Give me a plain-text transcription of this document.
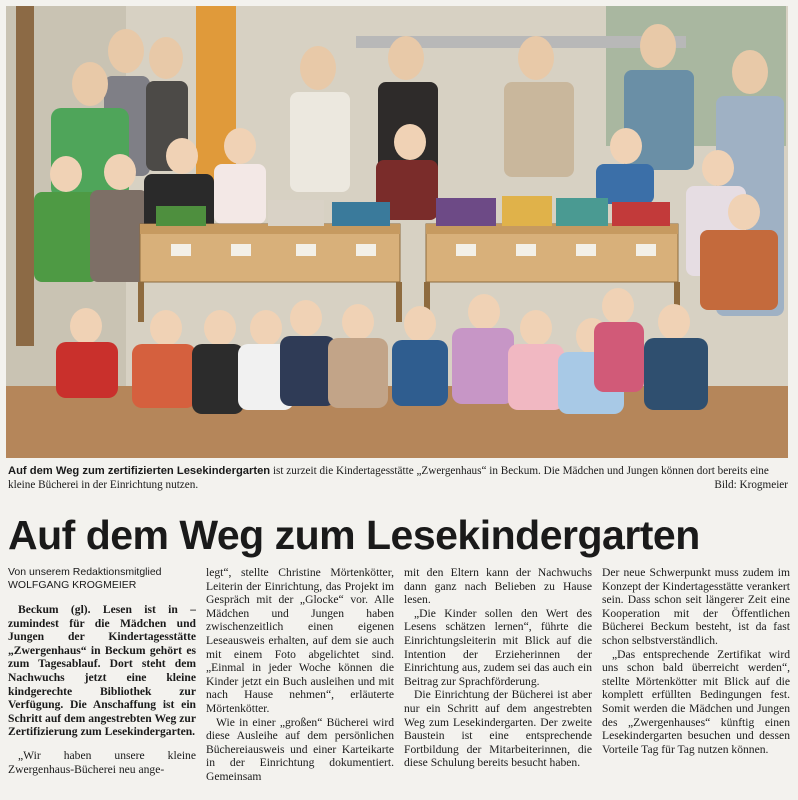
Auf dem Weg zum zertifizierten Lesekindergarten ist zurzeit die Kindertagesstätte „Zwergenhaus“ in Beckum. Die Mädchen und Jungen können dort bereits eine kleine Bücherei in der Einrichtung nutzen.	Bild: Krogmeier
Auf dem Weg zum Lesekindergarten
Von unserem Redaktionsmitglied
WOLFGANG KROGMEIER

Beckum (gl). Lesen ist in – zumindest für die Mädchen und Jungen der Kindertagesstätte „Zwergenhaus“ in Beckum gehört es zum Tagesablauf. Dort steht dem Nachwuchs jetzt eine kleine kindgerechte Bibliothek zur Verfügung. Die Anschaffung ist ein Schritt auf dem angestrebten Weg zur Zertifizierung zum Lesekindergarten.

„Wir haben unsere kleine Zwergenhaus-Bücherei neu ange-

legt“, stellte Christine Mörtenkötter, Leiterin der Einrichtung, das Projekt im Gespräch mit der „Glocke“ vor. Alle Mädchen und Jungen haben zwischenzeitlich einen eigenen Leseausweis erhalten, auf dem sie auch mit einem Foto abgelichtet sind. „Einmal in jeder Woche können die Kinder jetzt ein Buch ausleihen und mit nach Hause nehmen“, erläuterte Mörtenkötter.

Wie in einer „großen“ Bücherei wird diese Ausleihe auf dem persönlichen Büchereiausweis und einer Karteikarte in der Einrichtung dokumentiert. Gemeinsam

mit den Eltern kann der Nachwuchs dann ganz nach Belieben zu Hause lesen.

„Die Kinder sollen den Wert des Lesens schätzen lernen“, führte die Einrichtungsleiterin mit Blick auf die Intention der Erzieherinnen der Einrichtung aus, zudem sei das auch ein Beitrag zur Sprachförderung.

Die Einrichtung der Bücherei ist aber nur ein Schritt auf dem angestrebten Weg zum Lesekindergarten. Der zweite Baustein ist eine entsprechende Fortbildung der Mitarbeiterinnen, die diese Schulung bereits besucht haben.

Der neue Schwerpunkt muss zudem im Konzept der Kindertagesstätte verankert sein. Dass schon seit längerer Zeit eine Kooperation mit der Öffentlichen Bücherei Beckum besteht, ist da fast schon selbstverständlich.

„Das entsprechende Zertifikat wird uns schon bald überreicht werden“, stellte Mörtenkötter mit Blick auf die komplett erfüllten Bedingungen fest. Somit werden die Mädchen und Jungen des „Zwergenhauses“ künftig einen Lesekindergarten besuchen und dessen Vorteile Tag für Tag nutzen können.
